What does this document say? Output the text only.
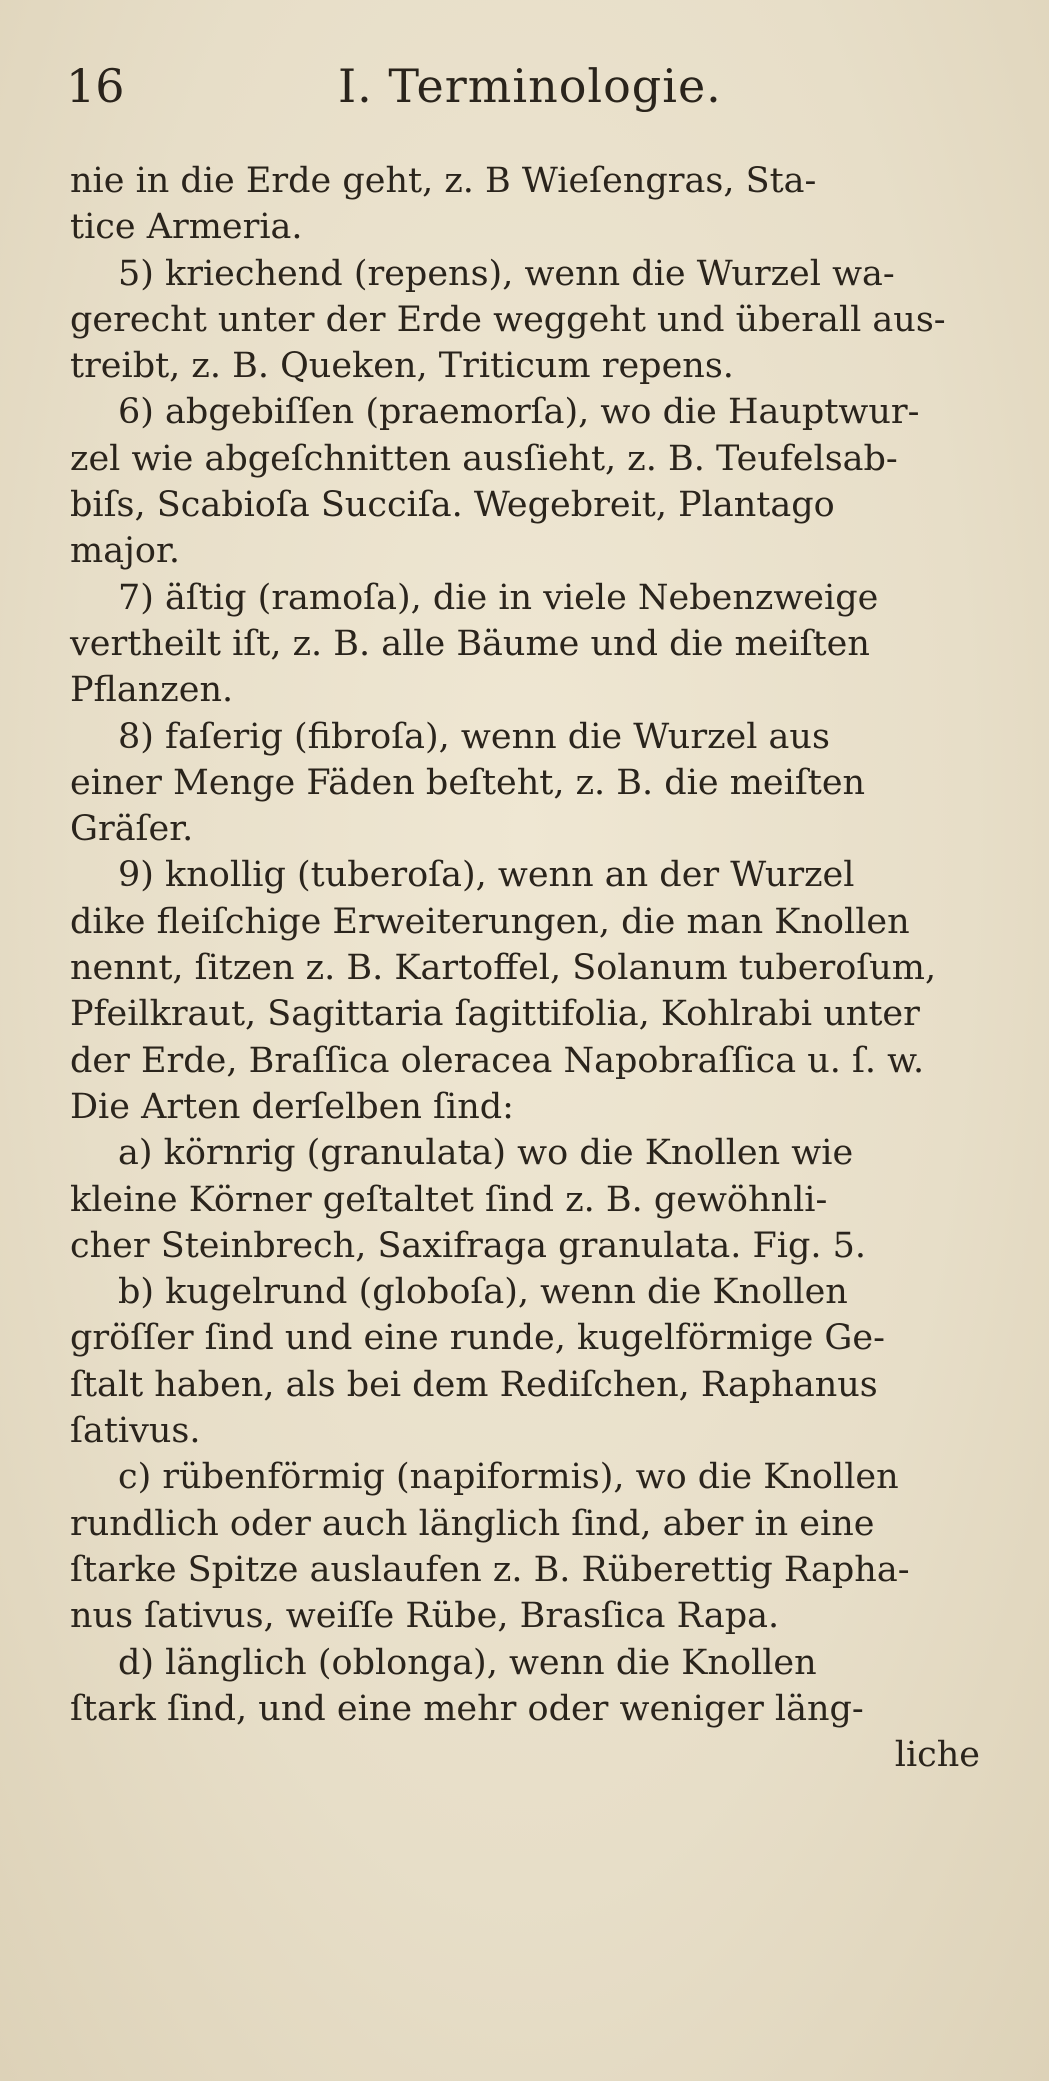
16	I. Terminologie.
nie in die Erde geht, z. B Wieſengras, Sta-
tice Armeria.
5) kriechend (repens), wenn die Wurzel wa-
gerecht unter der Erde weggeht und überall aus-
treibt, z. B. Queken, Triticum repens.
6) abgebiſſen (praemorſa), wo die Hauptwur-
zel wie abgeſchnitten ausſieht, z. B. Teufelsab-
biſs, Scabioſa Succiſa. Wegebreit, Plantago
major.
7) äſtig (ramoſa), die in viele Nebenzweige
vertheilt iſt, z. B. alle Bäume und die meiſten
Pflanzen.
8) faſerig (fibroſa), wenn die Wurzel aus
einer Menge Fäden beſteht, z. B. die meiſten
Gräſer.
9) knollig (tuberoſa), wenn an der Wurzel
dike fleiſchige Erweiterungen, die man Knollen
nennt, ſitzen z. B. Kartoffel, Solanum tuberoſum,
Pfeilkraut, Sagittaria ſagittifolia, Kohlrabi unter
der Erde, Braſſica oleracea Napobraſſica u. ſ. w.
Die Arten derſelben ſind:
a) körnrig (granulata) wo die Knollen wie
kleine Körner geſtaltet ſind z. B. gewöhnli-
cher Steinbrech, Saxifraga granulata. Fig. 5.
b) kugelrund (globoſa), wenn die Knollen
gröſſer ſind und eine runde, kugelförmige Ge-
ſtalt haben, als bei dem Rediſchen, Raphanus
ſativus.
c) rübenförmig (napiformis), wo die Knollen
rundlich oder auch länglich ſind, aber in eine
ſtarke Spitze auslaufen z. B. Rüberettig Rapha-
nus ſativus, weiſſe Rübe, Brasſica Rapa.
d) länglich (oblonga), wenn die Knollen
ſtark ſind, und eine mehr oder weniger läng-
liche
